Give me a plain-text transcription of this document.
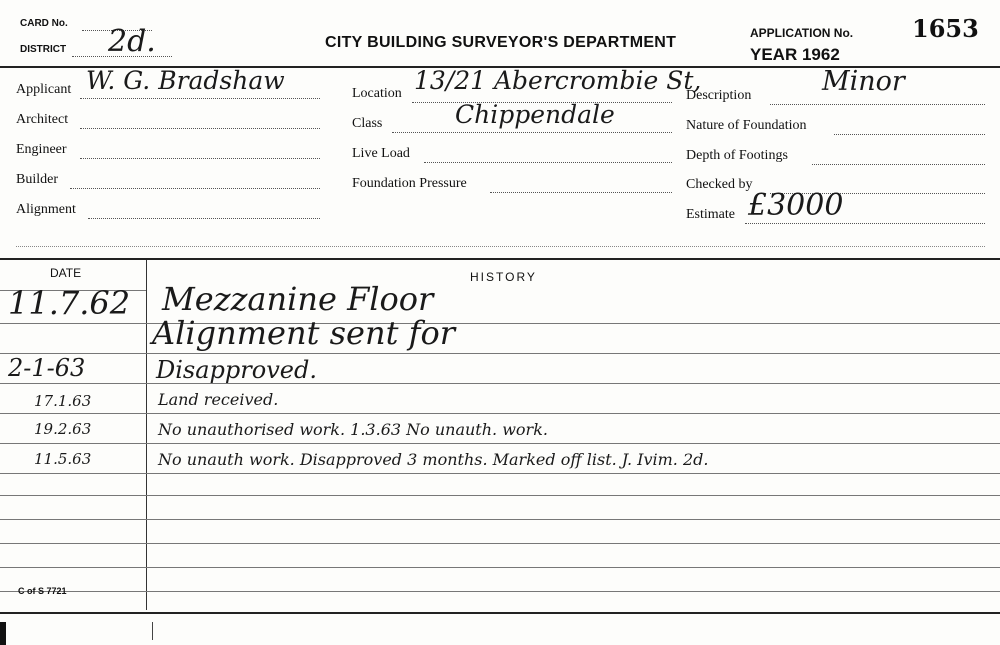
CARD No.
DISTRICT 2d.	CITY BUILDING SURVEYOR'S DEPARTMENT
APPLICATION No. 1653
YEAR 1962
Applicant W. G. Bradshaw
Architect
Engineer
Builder
Alignment
Location 13/21 Abercrombie St,
Class	Chippendale
Live Load
Foundation Pressure
Description	Minor
Nature of Foundation
Depth of Footings
Checked by
Estimate £3000
DATE	HISTORY
11.7.62 Mezzanine Floor
Alignment sent for
2-1-63	Disapproved.
17.1.63	Land received.
19.2.63	No unauthorised work. 1.3.63 No unauth. work.
11.5.63	No unauth work. Disapproved 3 months. Marked off list. J. Ivim. 2d.
C of S 7721
